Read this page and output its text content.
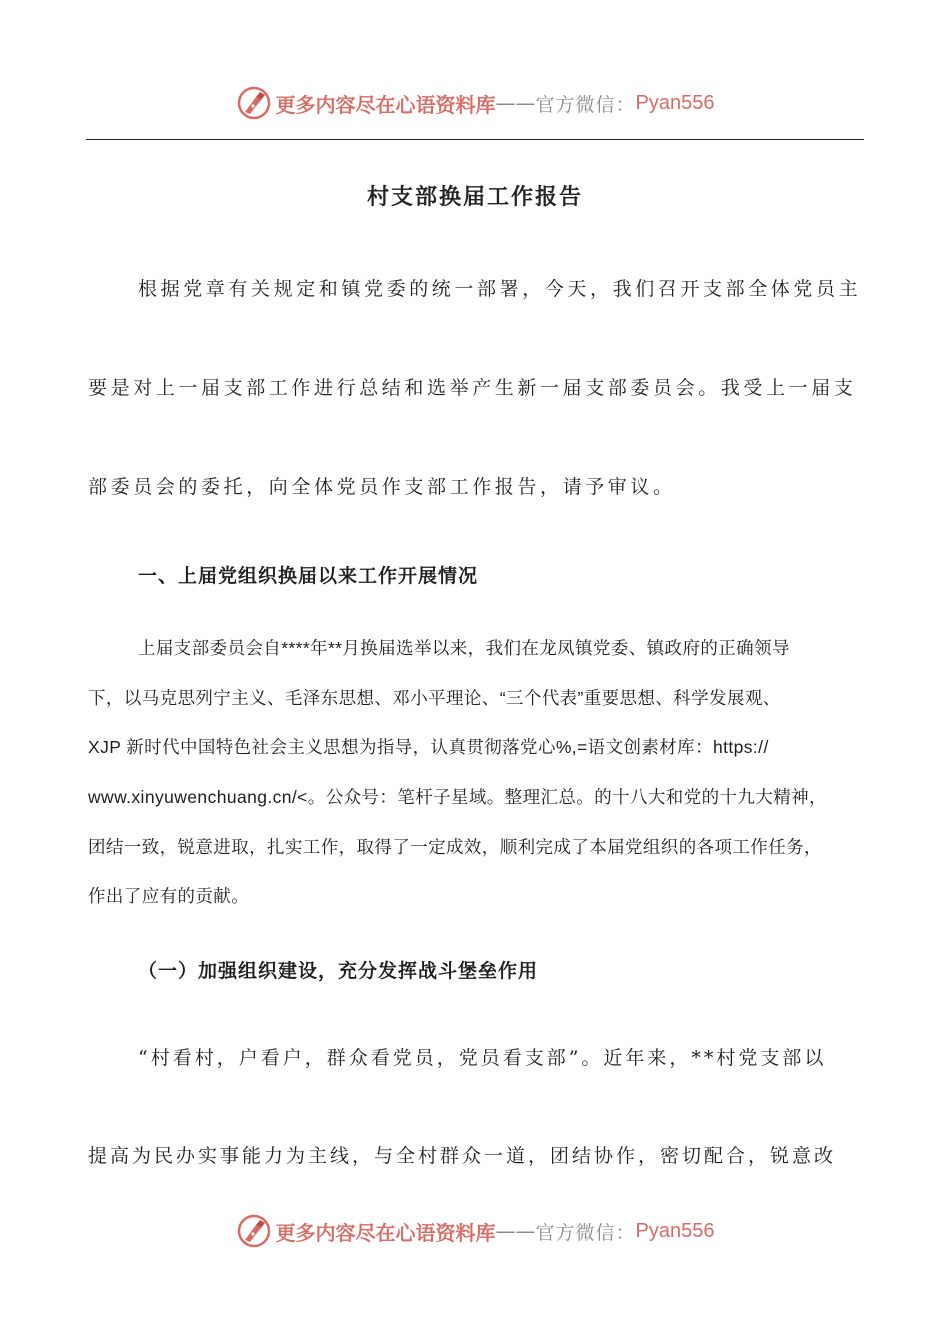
更多内容尽在心语资料库 —— 官方微信： Pyan556
村支部换届工作报告
根据党章有关规定和镇党委的统一部署，今天，我们召开支部全体党员主
要是对上一届支部工作进行总结和选举产生新一届支部委员会。我受上一届支
部委员会的委托，向全体党员作支部工作报告，请予审议。
一、上届党组织换届以来工作开展情况
上届支部委员会自****年**月换届选举以来，我们在龙凤镇党委、镇政府的正确领导
下，以马克思列宁主义、毛泽东思想、邓小平理论、“三个代表”重要思想、科学发展观、
XJP 新时代中国特色社会主义思想为指导，认真贯彻落党心%,=语文创素材库：https://
www.xinyuwenchuang.cn/<。公众号：笔杆子星域。整理汇总。的十八大和党的十九大精神，
团结一致，锐意进取，扎实工作，取得了一定成效，顺利完成了本届党组织的各项工作任务，
作出了应有的贡献。
（一）加强组织建设，充分发挥战斗堡垒作用
“村看村，户看户，群众看党员，党员看支部”。近年来，**村党支部以
提高为民办实事能力为主线，与全村群众一道，团结协作，密切配合，锐意改
更多内容尽在心语资料库 —— 官方微信： Pyan556
